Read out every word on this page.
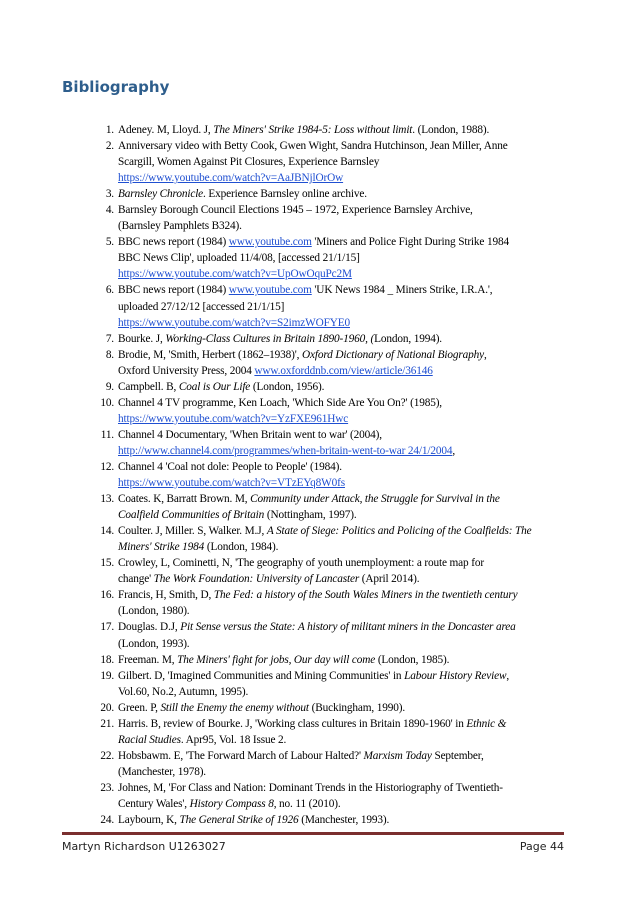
Bibliography
1. Adeney. M, Lloyd. J, The Miners' Strike 1984-5: Loss without limit. (London, 1988).
2. Anniversary video with Betty Cook, Gwen Wight, Sandra Hutchinson, Jean Miller, Anne
Scargill, Women Against Pit Closures, Experience Barnsley
https://www.youtube.com/watch?v=AaJBNjlOrOw
3. Barnsley Chronicle. Experience Barnsley online archive.
4. Barnsley Borough Council Elections 1945 – 1972, Experience Barnsley Archive,
(Barnsley Pamphlets B324).
5. BBC news report (1984) www.youtube.com 'Miners and Police Fight During Strike 1984
BBC News Clip', uploaded 11/4/08, [accessed 21/1/15]
https://www.youtube.com/watch?v=UpOwOquPc2M
6. BBC news report (1984) www.youtube.com 'UK News 1984 _ Miners Strike, I.R.A.',
uploaded 27/12/12 [accessed 21/1/15]
https://www.youtube.com/watch?v=S2imzWOFYE0
7. Bourke. J, Working-Class Cultures in Britain 1890-1960, (London, 1994).
8. Brodie, M, 'Smith, Herbert (1862–1938)', Oxford Dictionary of National Biography,
Oxford University Press, 2004 www.oxforddnb.com/view/article/36146
9. Campbell. B, Coal is Our Life (London, 1956).
10. Channel 4 TV programme, Ken Loach, 'Which Side Are You On?' (1985),
https://www.youtube.com/watch?v=YzFXE961Hwc
11. Channel 4 Documentary, 'When Britain went to war' (2004),
http://www.channel4.com/programmes/when-britain-went-to-war 24/1/2004,
12. Channel 4 'Coal not dole: People to People' (1984).
https://www.youtube.com/watch?v=VTzEYq8W0fs
13. Coates. K, Barratt Brown. M, Community under Attack, the Struggle for Survival in the
Coalfield Communities of Britain (Nottingham, 1997).
14. Coulter. J, Miller. S, Walker. M.J, A State of Siege: Politics and Policing of the Coalfields: The
Miners' Strike 1984 (London, 1984).
15. Crowley, L, Cominetti, N, 'The geography of youth unemployment: a route map for
change' The Work Foundation: University of Lancaster (April 2014).
16. Francis, H, Smith, D, The Fed: a history of the South Wales Miners in the twentieth century
(London, 1980).
17. Douglas. D.J, Pit Sense versus the State: A history of militant miners in the Doncaster area
(London, 1993).
18. Freeman. M, The Miners' fight for jobs, Our day will come (London, 1985).
19. Gilbert. D, 'Imagined Communities and Mining Communities' in Labour History Review,
Vol.60, No.2, Autumn, 1995).
20. Green. P, Still the Enemy the enemy without (Buckingham, 1990).
21. Harris. B, review of Bourke. J, 'Working class cultures in Britain 1890-1960' in Ethnic &
Racial Studies. Apr95, Vol. 18 Issue 2.
22. Hobsbawm. E, 'The Forward March of Labour Halted?' Marxism Today September,
(Manchester, 1978).
23. Johnes, M, 'For Class and Nation: Dominant Trends in the Historiography of Twentieth-
Century Wales', History Compass 8, no. 11 (2010).
24. Laybourn, K, The General Strike of 1926 (Manchester, 1993).
Martyn Richardson U1263027	Page 44
